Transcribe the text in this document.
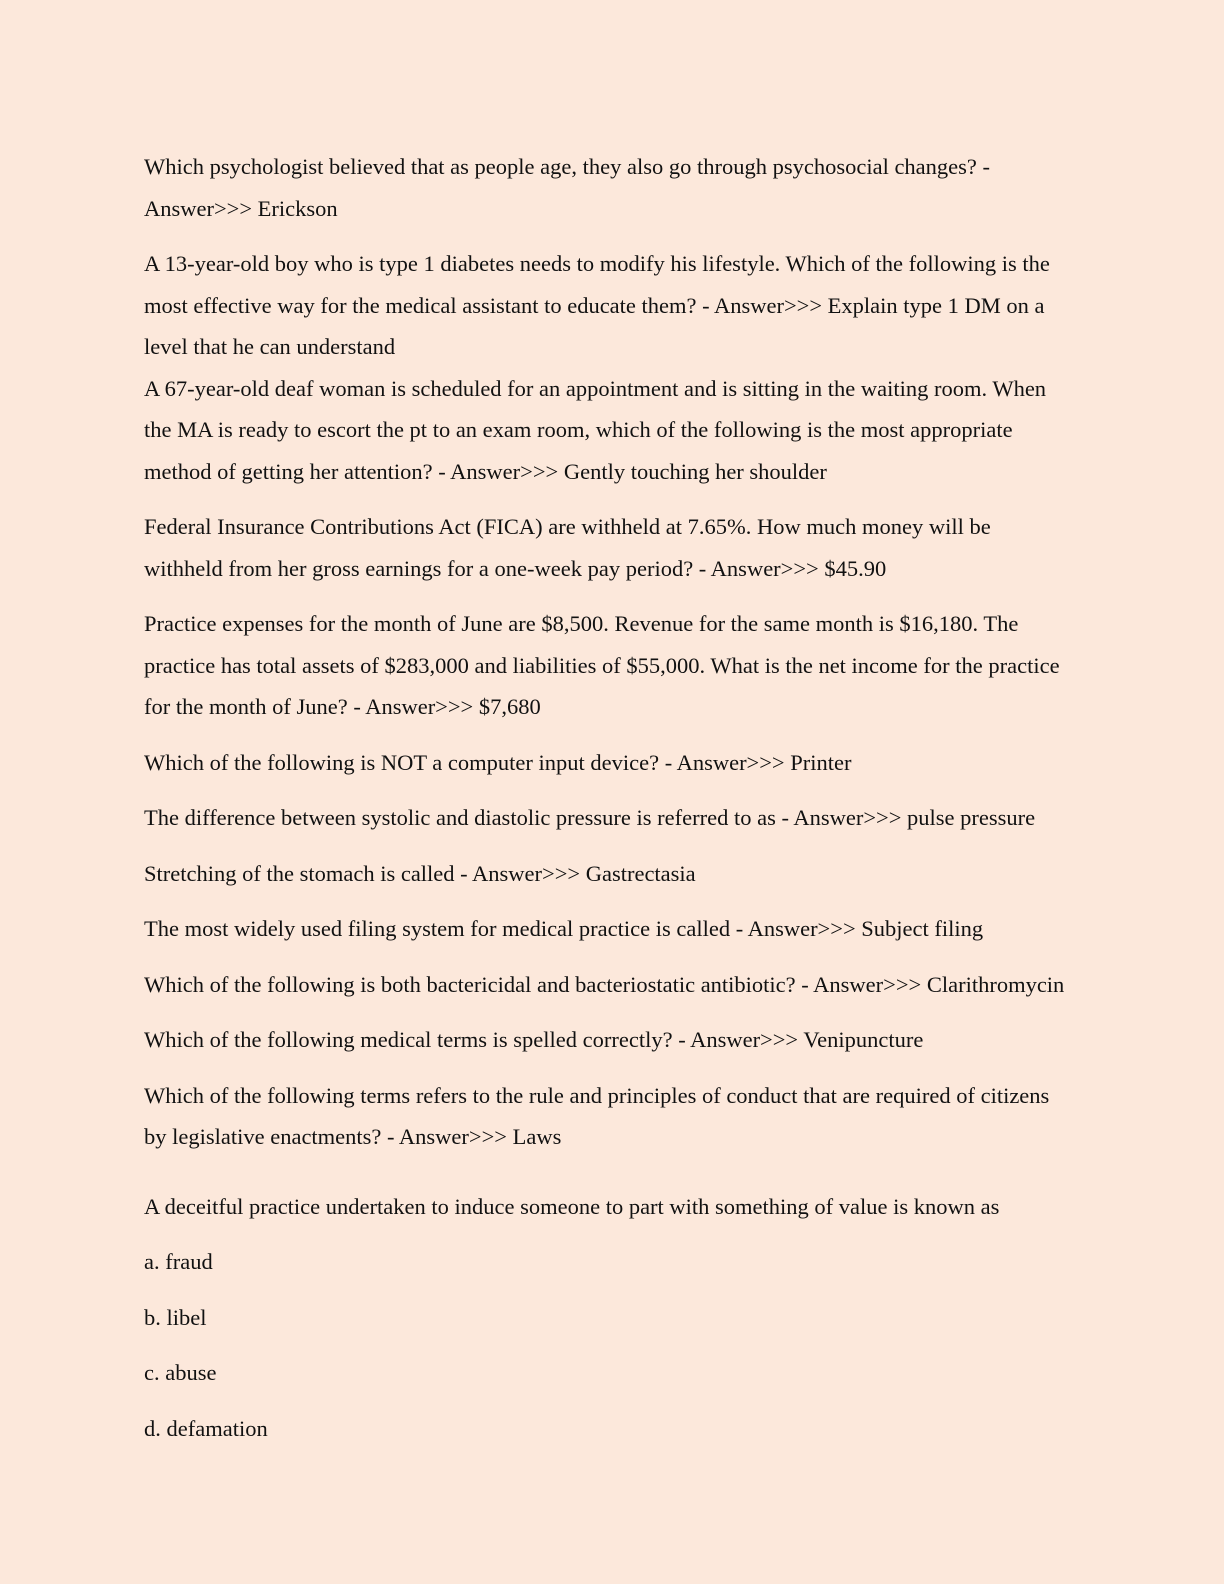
Which psychologist believed that as people age, they also go through psychosocial changes? - Answer>>> Erickson

A 13-year-old boy who is type 1 diabetes needs to modify his lifestyle. Which of the following is the most effective way for the medical assistant to educate them? - Answer>>> Explain type 1 DM on a level that he can understand

A 67-year-old deaf woman is scheduled for an appointment and is sitting in the waiting room. When the MA is ready to escort the pt to an exam room, which of the following is the most appropriate method of getting her attention? - Answer>>> Gently touching her shoulder

Federal Insurance Contributions Act (FICA) are withheld at 7.65%. How much money will be withheld from her gross earnings for a one-week pay period? - Answer>>> $45.90

Practice expenses for the month of June are $8,500. Revenue for the same month is $16,180. The practice has total assets of $283,000 and liabilities of $55,000. What is the net income for the practice for the month of June? - Answer>>> $7,680

Which of the following is NOT a computer input device? - Answer>>> Printer

The difference between systolic and diastolic pressure is referred to as - Answer>>> pulse pressure

Stretching of the stomach is called - Answer>>> Gastrectasia

The most widely used filing system for medical practice is called - Answer>>> Subject filing

Which of the following is both bactericidal and bacteriostatic antibiotic? - Answer>>> Clarithromycin

Which of the following medical terms is spelled correctly? - Answer>>> Venipuncture

Which of the following terms refers to the rule and principles of conduct that are required of citizens by legislative enactments? - Answer>>> Laws

A deceitful practice undertaken to induce someone to part with something of value is known as

a. fraud

b. libel

c. abuse

d. defamation
